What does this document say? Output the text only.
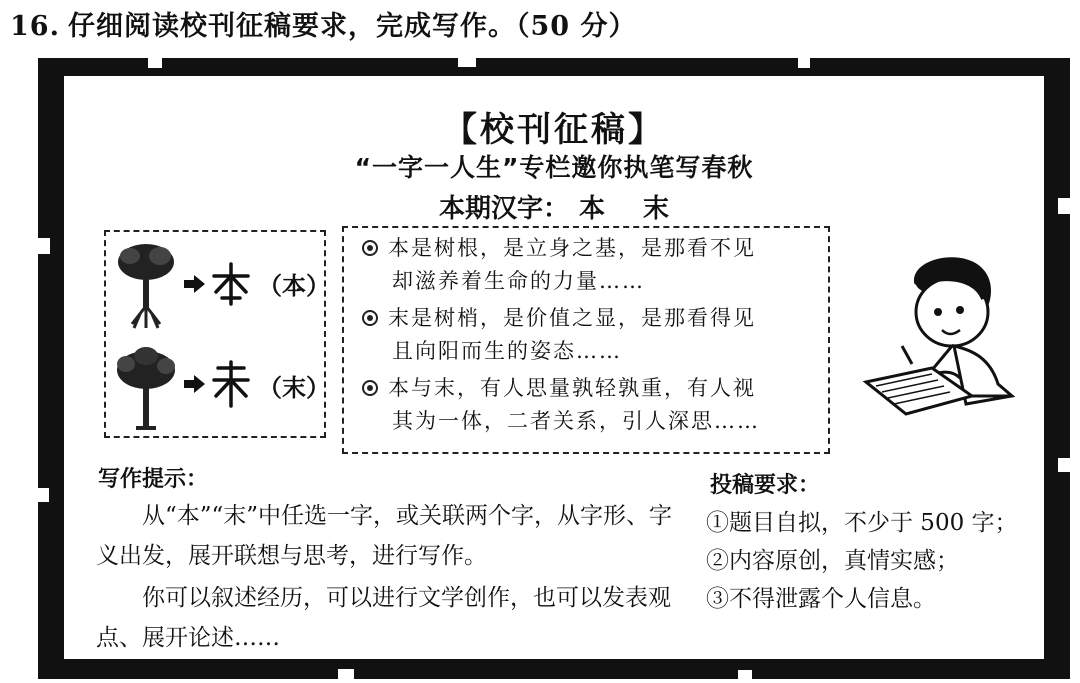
16. 仔细阅读校刊征稿要求，完成写作。（50 分）
【校刊征稿】
“一字一人生”专栏邀你执笔写春秋
本期汉字： 本 末
（本）
（末）
本是树根，是立身之基，是那看不见
却滋养着生命的力量……
末是树梢，是价值之显，是那看得见
且向阳而生的姿态……
本与末，有人思量孰轻孰重，有人视
其为一体，二者关系，引人深思……
写作提示：
从“本”“末”中任选一字，或关联两个字，从字形、字义出发，展开联想与思考，进行写作。
你可以叙述经历，可以进行文学创作，也可以发表观点、展开论述……
投稿要求：
①题目自拟，不少于 500 字；
②内容原创，真情实感；
③不得泄露个人信息。
